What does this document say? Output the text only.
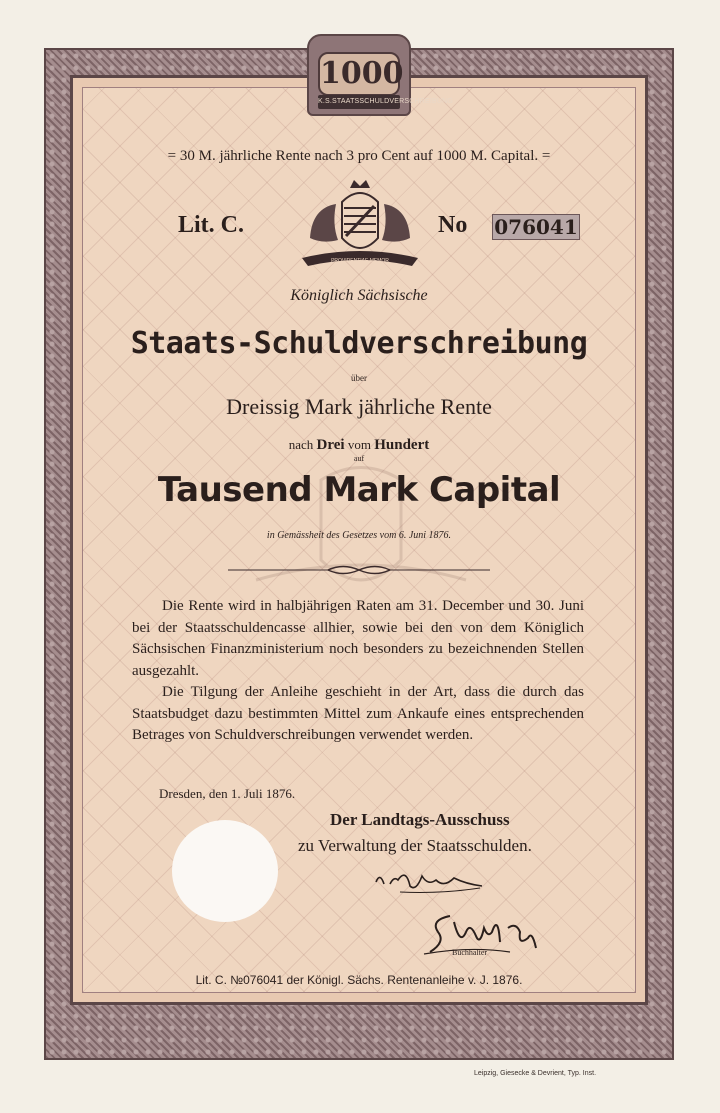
1000
K.S.STAATSSCHULDVERSCHREIBUNG
= 30 M. jährliche Rente nach 3 pro Cent auf 1000 M. Capital. =
Lit. C.
PROVIDENTIAE MEMOR
No 076041
Königlich Sächsische
Staats-Schuldverschreibung
über
Dreissig Mark jährliche Rente
nach Drei vom Hundert
auf
Tausend Mark Capital
in Gemässheit des Gesetzes vom 6. Juni 1876.

Die Rente wird in halbjährigen Raten am 31. December und 30. Juni bei der Staatsschuldencasse allhier, sowie bei den von dem Königlich Sächsischen Finanzministerium noch besonders zu bezeichnenden Stellen ausgezahlt.

Die Tilgung der Anleihe geschieht in der Art, dass die durch das Staatsbudget dazu bestimmten Mittel zum Ankaufe eines entsprechenden Betrages von Schuldverschreibungen verwendet werden.

Dresden, den 1. Juli 1876.
Der Landtags-Ausschuss
zu Verwaltung der Staatsschulden.
Buchhalter
Lit. C. №076041 der Königl. Sächs. Rentenanleihe v. J. 1876.
Leipzig, Giesecke & Devrient, Typ. Inst.
